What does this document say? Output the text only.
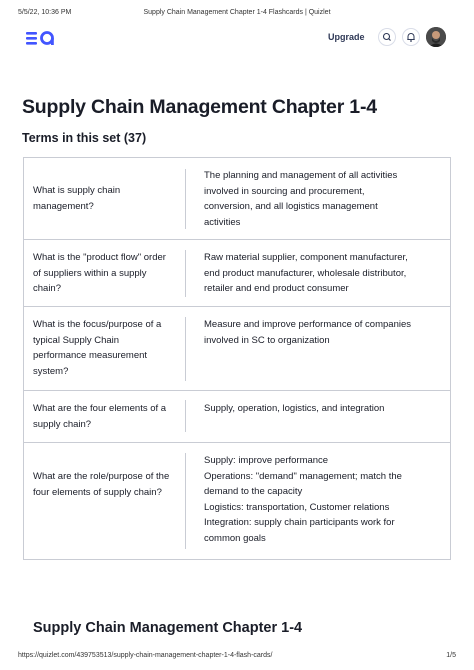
5/5/22, 10:36 PM	Supply Chain Management Chapter 1-4 Flashcards | Quizlet
Upgrade
Supply Chain Management Chapter 1-4
Terms in this set (37)
What is supply chain management?
The planning and management of all activities
involved in sourcing and procurement,
conversion, and all logistics management
activities
What is the "product flow" order of suppliers within a supply chain?
Raw material supplier, component manufacturer,
end product manufacturer, wholesale distributor,
retailer and end product consumer
What is the focus/purpose of a typical Supply Chain performance measurement system?
Measure and improve performance of companies
involved in SC to organization
What are the four elements of a supply chain?
Supply, operation, logistics, and integration
What are the role/purpose of the four elements of supply chain?
Supply: improve performance
Operations: "demand" management; match the
demand to the capacity
Logistics: transportation, Customer relations
Integration: supply chain participants work for
common goals
Supply Chain Management Chapter 1-4
https://quizlet.com/439753513/supply-chain-management-chapter-1-4-flash-cards/	1/5
